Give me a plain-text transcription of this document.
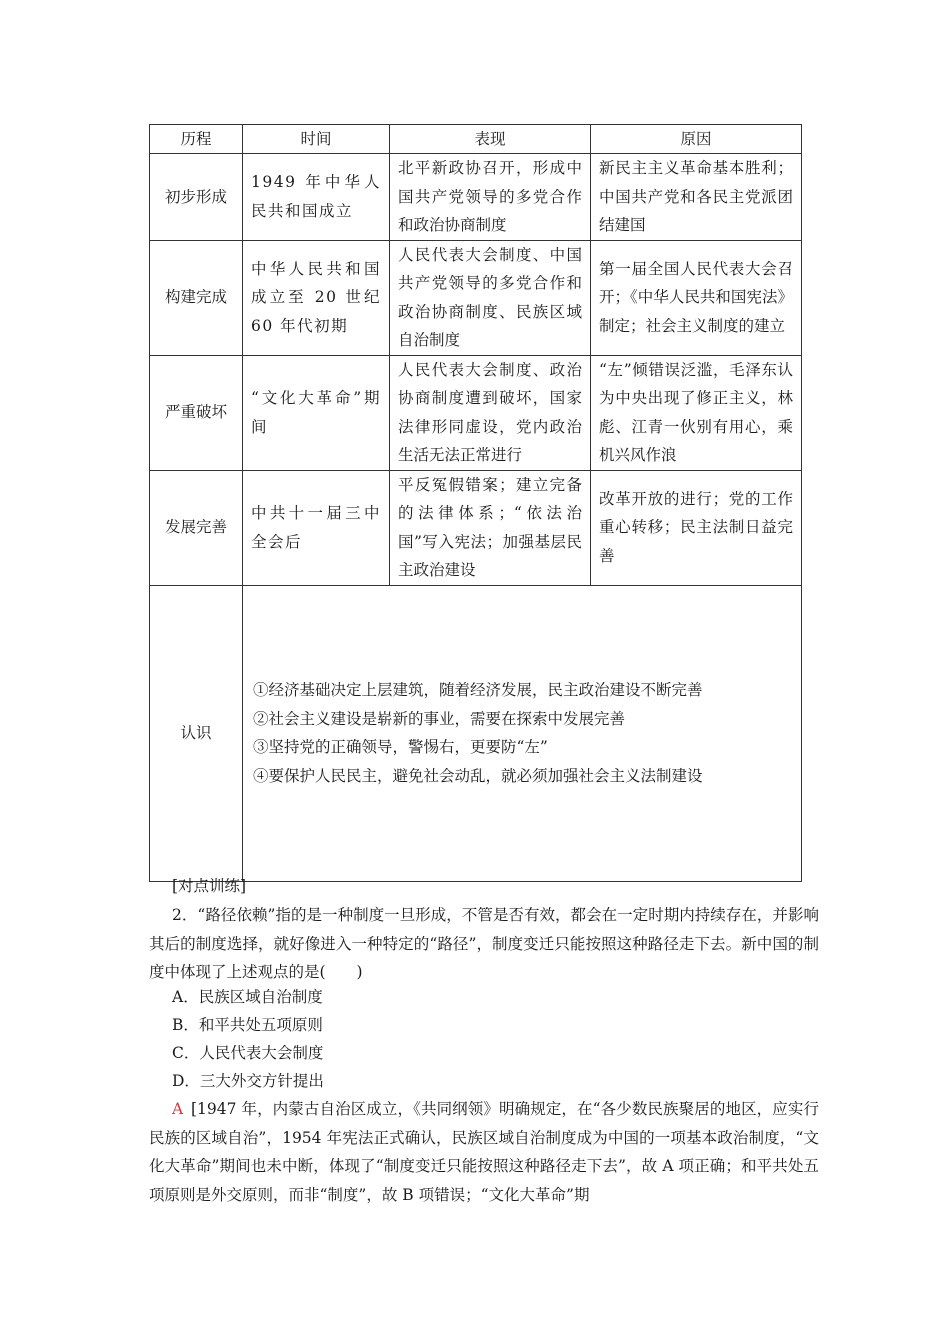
历程	时间	表现	原因
初步形成	1949 年中华人民共和国成立	北平新政协召开，形成中国共产党领导的多党合作和政治协商制度	新民主主义革命基本胜利；中国共产党和各民主党派团结建国
构建完成	中华人民共和国成立至 20 世纪 60 年代初期	人民代表大会制度、中国共产党领导的多党合作和政治协商制度、民族区域自治制度	第一届全国人民代表大会召开；《中华人民共和国宪法》制定；社会主义制度的建立
严重破坏	“文化大革命”期间	人民代表大会制度、政治协商制度遭到破坏，国家法律形同虚设，党内政治生活无法正常进行	“左”倾错误泛滥，毛泽东认为中央出现了修正主义，林彪、江青一伙别有用心，乘机兴风作浪
发展完善	中共十一届三中全会后	平反冤假错案；建立完备的法律体系；“依法治国”写入宪法；加强基层民主政治建设	改革开放的进行；党的工作重心转移；民主法制日益完善
认识	①经济基础决定上层建筑，随着经济发展，民主政治建设不断完善
②社会主义建设是崭新的事业，需要在探索中发展完善
③坚持党的正确领导，警惕右，更要防“左”
④要保护人民民主，避免社会动乱，就必须加强社会主义法制建设		
[对点训练]
2．“路径依赖”指的是一种制度一旦形成，不管是否有效，都会在一定时期内持续存在，并影响其后的制度选择，就好像进入一种特定的“路径”，制度变迁只能按照这种路径走下去。新中国的制度中体现了上述观点的是(　　)
A．民族区域自治制度
B．和平共处五项原则
C．人民代表大会制度
D．三大外交方针提出
A  [1947 年，内蒙古自治区成立，《共同纲领》明确规定，在“各少数民族聚居的地区，应实行民族的区域自治”，1954 年宪法正式确认，民族区域自治制度成为中国的一项基本政治制度，“文化大革命”期间也未中断，体现了“制度变迁只能按照这种路径走下去”，故 A 项正确；和平共处五项原则是外交原则，而非“制度”，故 B 项错误；“文化大革命”期
